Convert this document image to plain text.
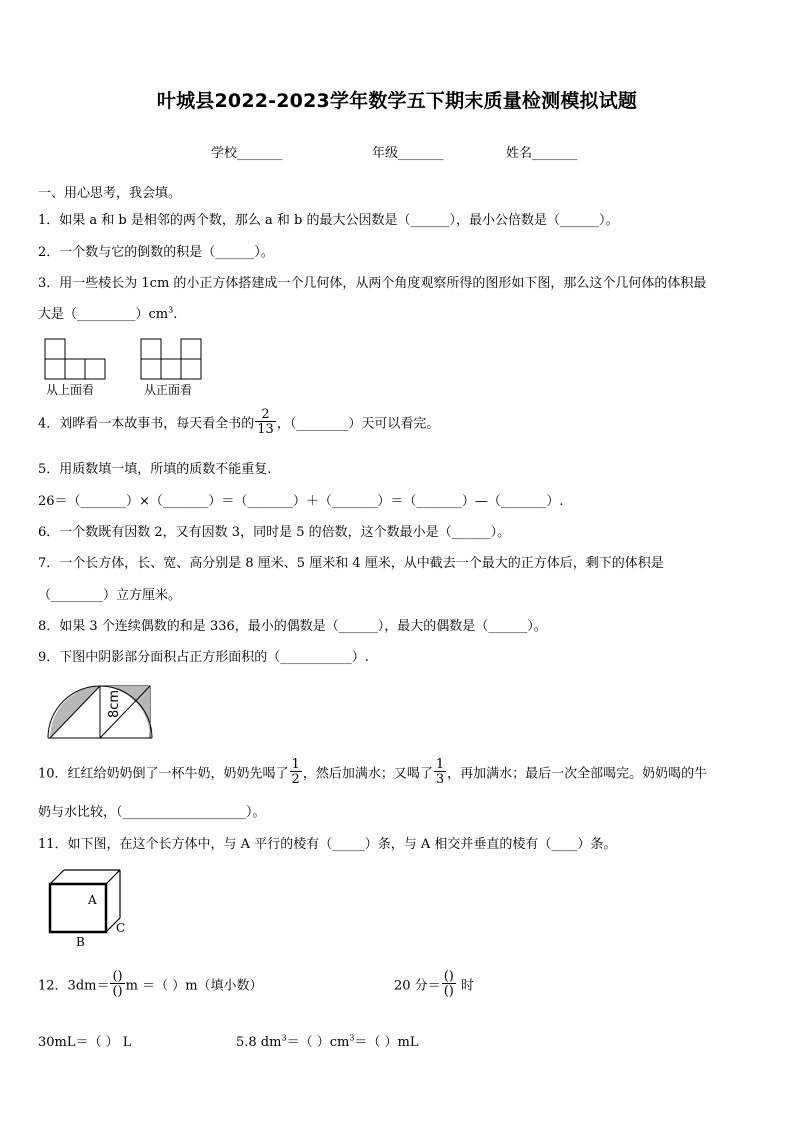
叶城县2022-2023学年数学五下期末质量检测模拟试题
学校_______	年级_______	姓名_______
一、用心思考，我会填。
1．如果 a 和 b 是相邻的两个数，那么 a 和 b 的最大公因数是（______），最小公倍数是（______）。
2．一个数与它的倒数的积是（______）。
3．用一些棱长为 1cm 的小正方体搭建成一个几何体，从两个角度观察所得的图形如下图，那么这个几何体的体积最
大是$(\_\_\_\_\_\_\_\_\_)cm^3$.
从上面看	从正面看
4．刘晔看一本故事书，每天看全书的 $\frac{2}{13}$ ，（________）天可以看完。
5．用质数填一填，所填的质数不能重复.
26＝（_______）×（_______）＝（_______）＋（_______）＝（_______）—（_______）.
6．一个数既有因数 2，又有因数 3，同时是 5 的倍数，这个数最小是（______）。
7．一个长方体，长、宽、高分别是 8 厘米、5 厘米和 4 厘米，从中截去一个最大的正方体后，剩下的体积是
（________）立方厘米。
8．如果 3 个连续偶数的和是 336，最小的偶数是（______），最大的偶数是（______）。
9．下图中阴影部分面积占正方形面积的（___________）.
8cm
10．红红给奶奶倒了一杯牛奶，奶奶先喝了 $\frac{1}{2}$ ，然后加满水；又喝了 $\frac{1}{3}$ ，再加满水；最后一次全部喝完。奶奶喝的牛
奶与水比较，（___________________）。
11．如下图，在这个长方体中，与 A 平行的棱有（_____）条，与 A 相交并垂直的棱有（____）条。
A
B
C
12．$3dm= \frac{()}{()}$ m ＝（ ）m（填小数）	20 分＝ $\frac{()}{()}$ 时
30mL＝（ ） L	5.8 $dm^3=$（ ）$cm^3=$（ ）mL
